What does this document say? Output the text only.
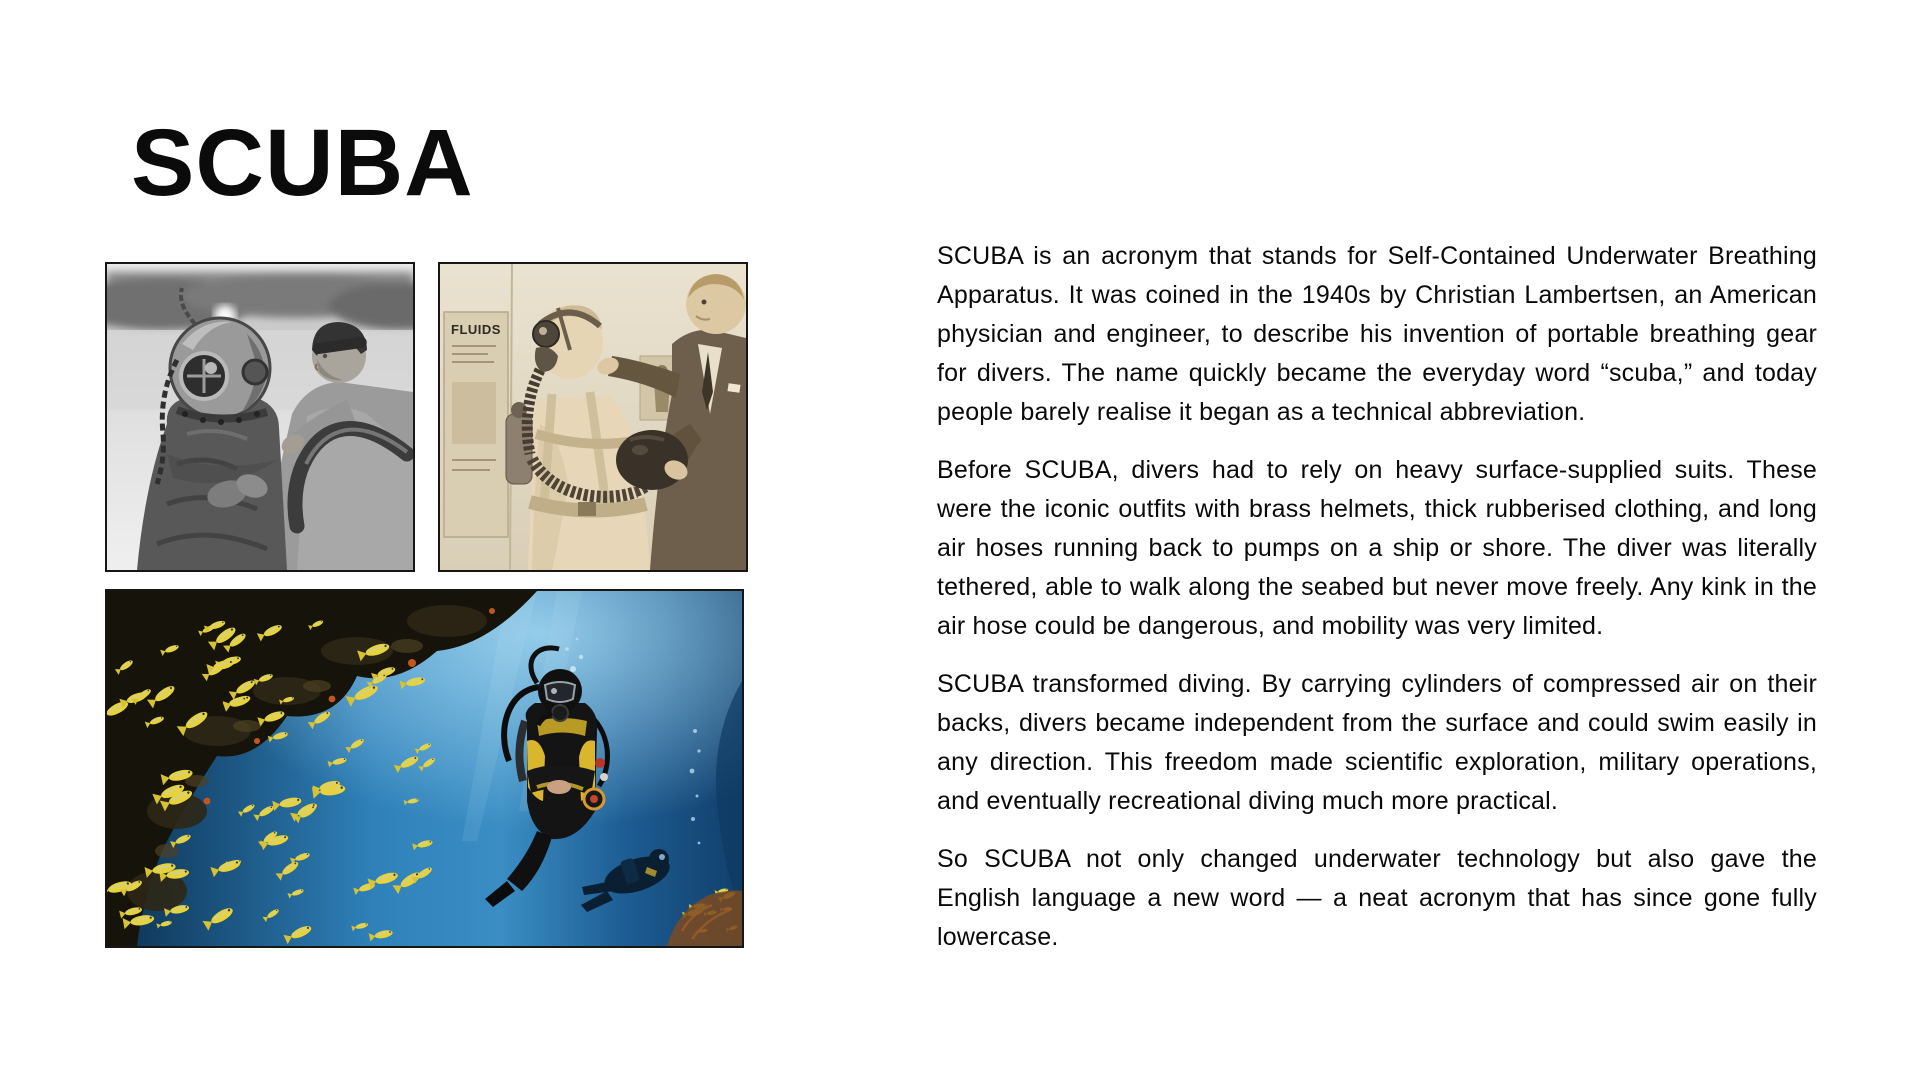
SCUBA
FLUIDS

SCUBA is an acronym that stands for Self-Contained Underwater Breathing Apparatus. It was coined in the 1940s by Christian Lambertsen, an American physician and engineer, to describe his invention of portable breathing gear for divers. The name quickly became the everyday word “scuba,” and today people barely realise it began as a technical abbreviation.

Before SCUBA, divers had to rely on heavy surface-supplied suits. These were the iconic outfits with brass helmets, thick rubberised clothing, and long air hoses running back to pumps on a ship or shore. The diver was literally tethered, able to walk along the seabed but never move freely. Any kink in the air hose could be dangerous, and mobility was very limited.

SCUBA transformed diving. By carrying cylinders of compressed air on their backs, divers became independent from the surface and could swim easily in any direction. This freedom made scientific exploration, military operations, and eventually recreational diving much more practical.

So SCUBA not only changed underwater technology but also gave the English language a new word — a neat acronym that has since gone fully lowercase.
